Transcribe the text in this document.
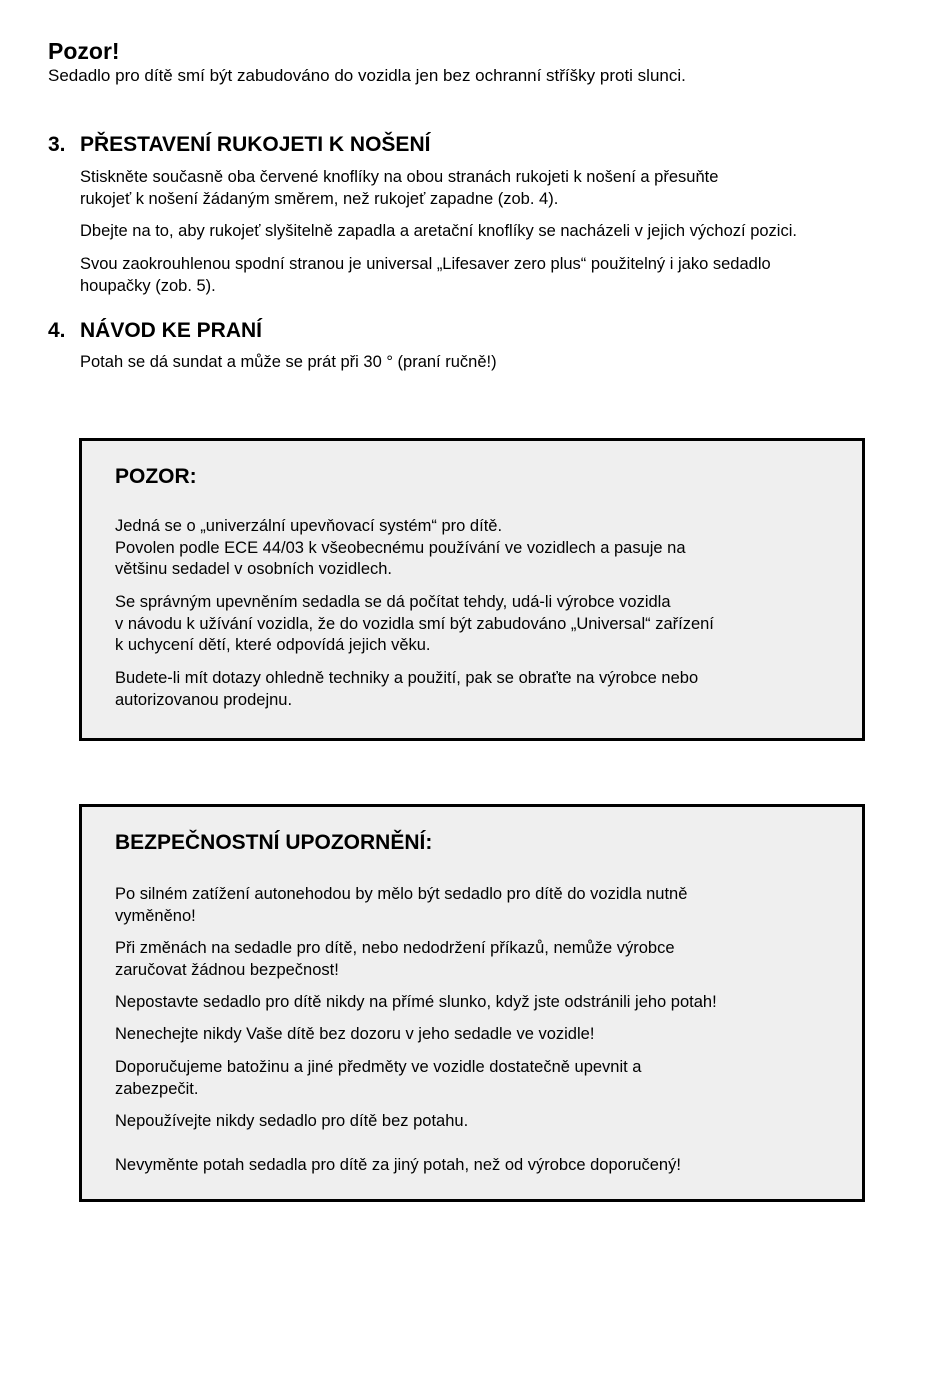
Pozor!

Sedadlo pro dítě smí být zabudováno do vozidla jen bez ochranní stříšky proti slunci.

3. PŘESTAVENÍ RUKOJETI K NOŠENÍ

Stiskněte současně oba červené knoflíky na obou stranách rukojeti k nošení a přesuňte
rukojeť k nošení žádaným směrem, než rukojeť zapadne (zob. 4).

Dbejte na to, aby rukojeť slyšitelně zapadla a aretační knoflíky se nacházeli v jejich výchozí pozici.

Svou zaokrouhlenou spodní stranou je universal „Lifesaver zero plus“ použitelný i jako sedadlo
houpačky (zob. 5).

4. NÁVOD KE PRANÍ

Potah se dá sundat a může se prát při 30 ° (praní ručně!)

POZOR:

Jedná se o „univerzální upevňovací systém“ pro dítě.
Povolen podle ECE 44/03 k všeobecnému používání ve vozidlech a pasuje na
většinu sedadel v osobních vozidlech.

Se správným upevněním sedadla se dá počítat tehdy, udá-li výrobce vozidla
v návodu k užívání vozidla, že do vozidla smí být zabudováno „Universal“ zařízení
k uchycení dětí, které odpovídá jejich věku.

Budete-li mít dotazy ohledně techniky a použití, pak se obraťte na výrobce nebo
autorizovanou prodejnu.

BEZPEČNOSTNÍ UPOZORNĚNÍ:

Po silném zatížení autonehodou by mělo být sedadlo pro dítě do vozidla nutně
vyměněno!

Při změnách na sedadle pro dítě, nebo nedodržení příkazů, nemůže výrobce
zaručovat žádnou bezpečnost!

Nepostavte sedadlo pro dítě nikdy na přímé slunko, když jste odstránili jeho potah!

Nenechejte nikdy Vaše dítě bez dozoru v jeho sedadle ve vozidle!

Doporučujeme batožinu a jiné předměty ve vozidle dostatečně upevnit a
zabezpečit.

Nepoužívejte nikdy sedadlo pro dítě bez potahu.

Nevyměnte potah sedadla pro dítě za jiný potah, než od výrobce doporučený!
